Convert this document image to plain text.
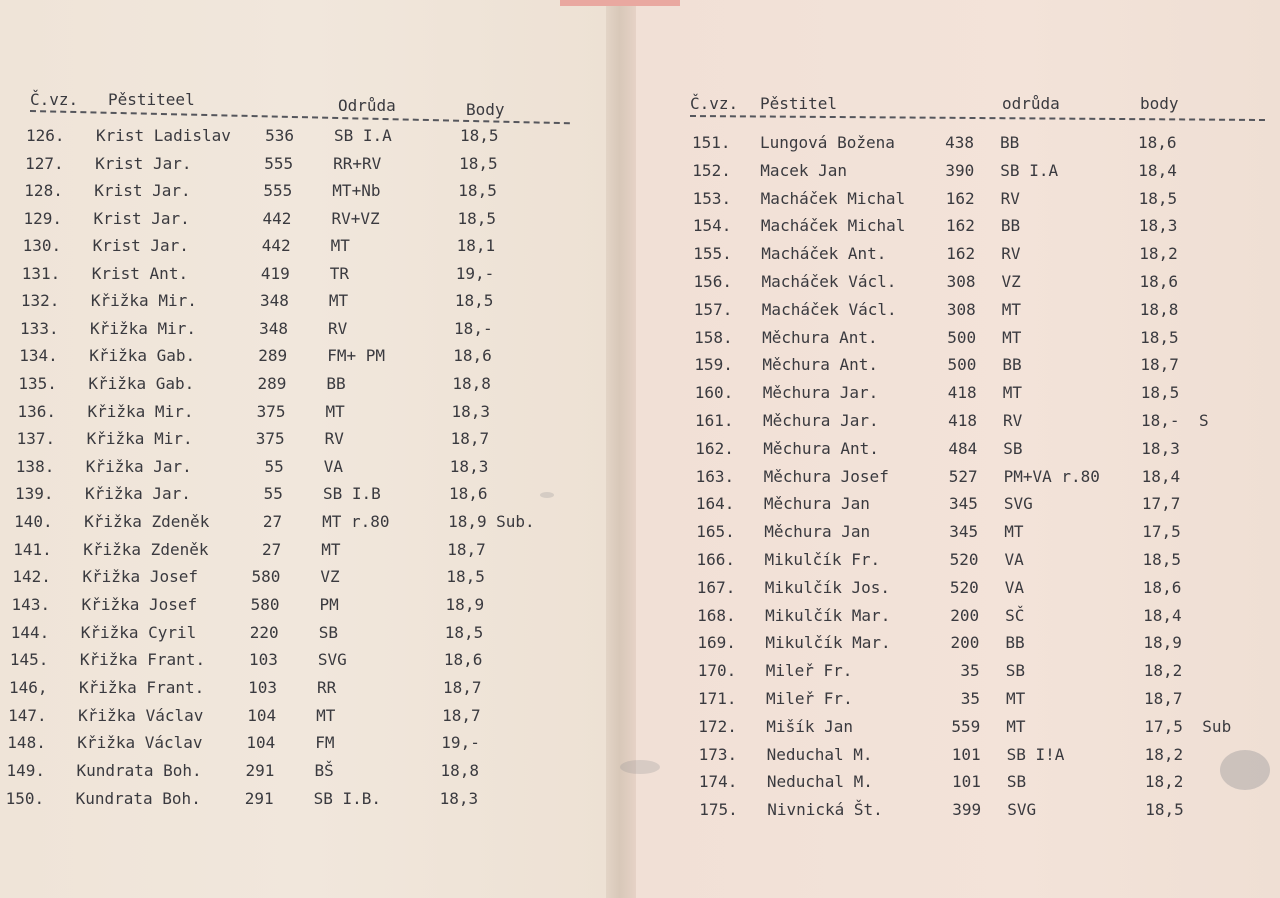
Č.vz. Pěstiteel	Odrůda	Body
126. Krist Ladislav	536	SB I.A	18,5
127. Krist Jar.	555	RR+RV	18,5
128. Krist Jar.	555	MT+Nb	18,5
129. Krist Jar.	442	RV+VZ	18,5
130. Krist Jar.	442	MT	18,1
131. Krist Ant.	419	TR	19,-
132. Křižka Mir.	348	MT	18,5
133. Křižka Mir.	348	RV	18,-
134. Křižka Gab.	289	FM+ PM	18,6
135. Křižka Gab.	289	BB	18,8
136. Křižka Mir.	375	MT	18,3
137. Křižka Mir.	375	RV	18,7
138. Křižka Jar.	55	VA	18,3
139. Křižka Jar.	55	SB I.B	18,6
140. Křižka Zdeněk	27	MT r.80	18,9 Sub.
141. Křižka Zdeněk	27	MT	18,7
142. Křižka Josef	580	VZ	18,5
143. Křižka Josef	580	PM	18,9
144. Křižka Cyril	220	SB	18,5
145. Křižka Frant.	103	SVG	18,6
146, Křižka Frant.	103	RR	18,7
147. Křižka Václav	104	MT	18,7
148. Křižka Václav	104	FM	19,-
149. Kundrata Boh.	291	BŠ	18,8
150. Kundrata Boh.	291	SB I.B.	18,3
Č.vz. Pěstitel	odrůda	body
151. Lungová Božena	438 BB	18,6
152. Macek Jan	390 SB I.A	18,4
153. Macháček Michal	162 RV	18,5
154. Macháček Michal	162 BB	18,3
155. Macháček Ant.	162 RV	18,2
156. Macháček Václ.	308 VZ	18,6
157. Macháček Václ.	308 MT	18,8
158. Měchura Ant.	500 MT	18,5
159. Měchura Ant.	500 BB	18,7
160. Měchura Jar.	418 MT	18,5
161. Měchura Jar.	418 RV	18,- S
162. Měchura Ant.	484 SB	18,3
163. Měchura Josef	527 PM+VA r.80	18,4
164. Měchura Jan	345 SVG	17,7
165. Měchura Jan	345 MT	17,5
166. Mikulčík Fr.	520 VA	18,5
167. Mikulčík Jos.	520 VA	18,6
168. Mikulčík Mar.	200 SČ	18,4
169. Mikulčík Mar.	200 BB	18,9
170. Mileř Fr.	35 SB	18,2
171. Mileř Fr.	35 MT	18,7
172. Mišík Jan	559 MT	17,5 Sub
173. Neduchal M.	101 SB I!A	18,2
174. Neduchal M.	101 SB	18,2
175. Nivnická Št.	399 SVG	18,5
